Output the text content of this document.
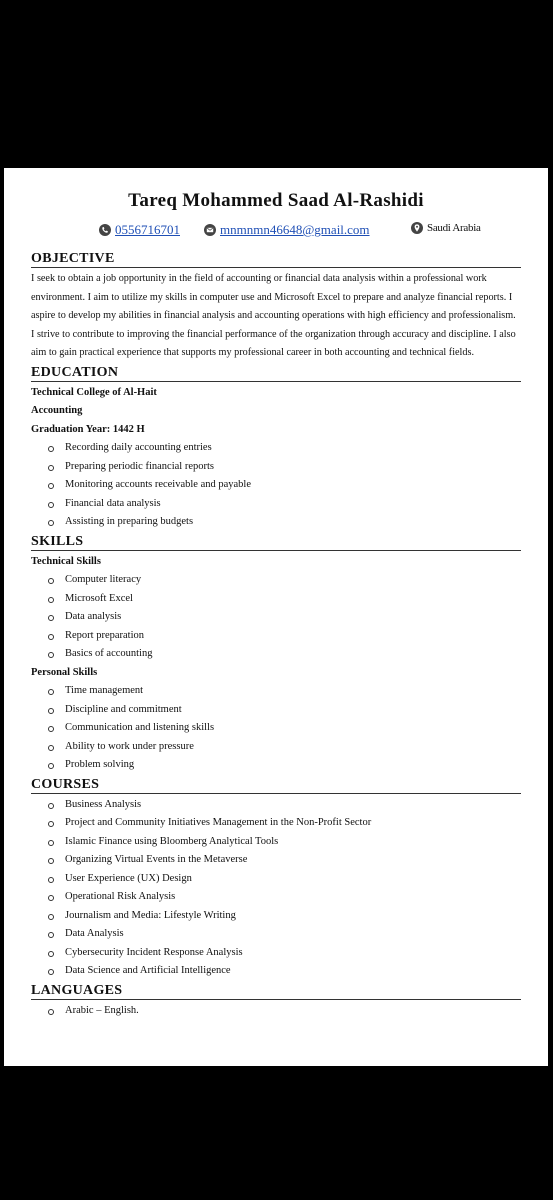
Tareq Mohammed Saad Al-Rashidi
0556716701	mnmnmn46648@gmail.com	Saudi Arabia
OBJECTIVE

I seek to obtain a job opportunity in the field of accounting or financial data analysis within a professional work environment. I aim to utilize my skills in computer use and Microsoft Excel to prepare and analyze financial reports. I aspire to develop my abilities in financial analysis and accounting operations with high efficiency and professionalism. I strive to contribute to improving the financial performance of the organization through accuracy and discipline. I also aim to gain practical experience that supports my professional career in both accounting and technical fields.

EDUCATION

Technical College of Al-Hait

Accounting

Graduation Year: 1442 H

Recording daily accounting entries
Preparing periodic financial reports
Monitoring accounts receivable and payable
Financial data analysis
Assisting in preparing budgets
SKILLS

Technical Skills

Computer literacy
Microsoft Excel
Data analysis
Report preparation
Basics of accounting

Personal Skills

Time management
Discipline and commitment
Communication and listening skills
Ability to work under pressure
Problem solving
COURSES
Business Analysis
Project and Community Initiatives Management in the Non-Profit Sector
Islamic Finance using Bloomberg Analytical Tools
Organizing Virtual Events in the Metaverse
User Experience (UX) Design
Operational Risk Analysis
Journalism and Media: Lifestyle Writing
Data Analysis
Cybersecurity Incident Response Analysis
Data Science and Artificial Intelligence
LANGUAGES
Arabic – English.
